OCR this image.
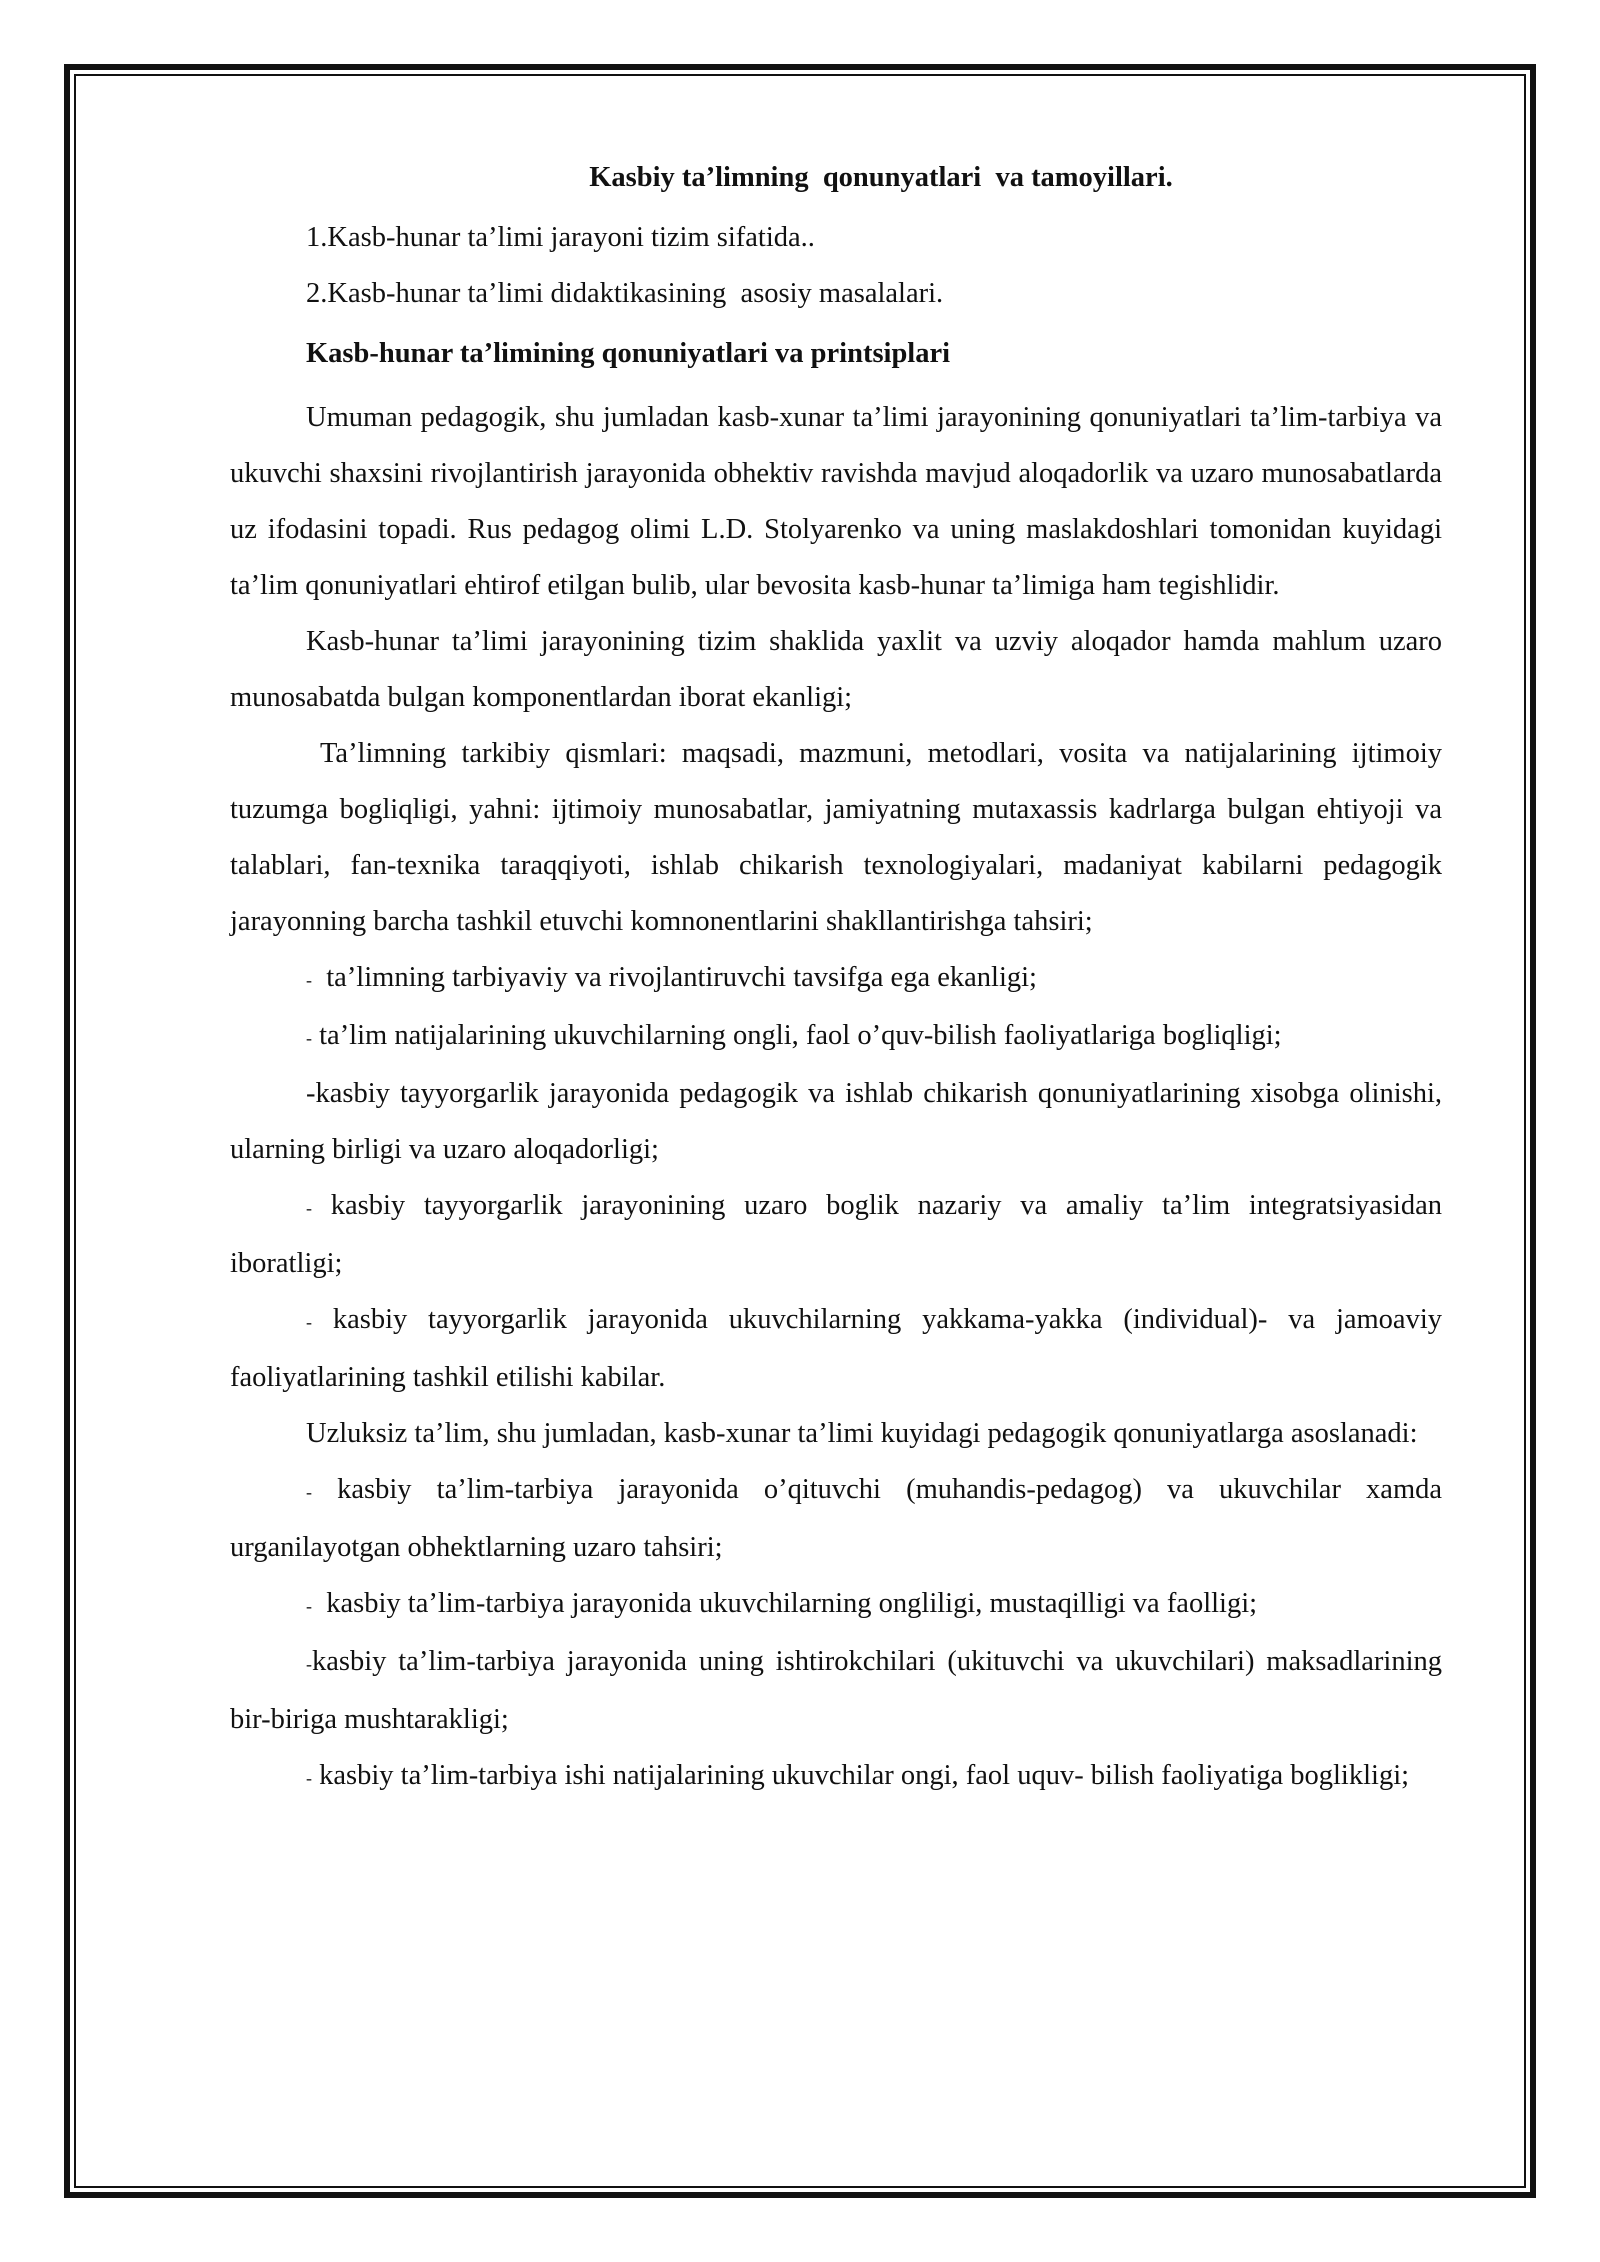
Kasbiy ta’limning  qonunyatlari  va tamoyillari.
1.Kasb-hunar ta’limi jarayoni tizim sifatida..
2.Kasb-hunar ta’limi didaktikasining  asosiy masalalari.
Kasb-hunar ta’limining qonuniyatlari va printsiplari

Umuman pedagogik, shu jumladan kasb-xunar ta’limi jarayonining qonuniyatlari ta’lim-tarbiya va ukuvchi shaxsini rivojlantirish jarayonida obhektiv ravishda mavjud aloqadorlik va uzaro munosabatlarda uz ifodasini topadi. Rus pedagog olimi L.D. Stolyarenko va uning maslakdoshlari tomonidan kuyidagi ta’lim qonuniyatlari ehtirof etilgan bulib, ular bevosita kasb-hunar ta’limiga ham tegishlidir.

Kasb-hunar ta’limi jarayonining tizim shaklida yaxlit va uzviy aloqador hamda mahlum uzaro munosabatda bulgan komponentlardan iborat ekanligi;

Ta’limning tarkibiy qismlari: maqsadi, mazmuni, metodlari, vosita va natijalarining ijtimoiy tuzumga bogliqligi, yahni: ijtimoiy munosabatlar, jamiyatning mutaxassis kadrlarga bulgan ehtiyoji va talablari, fan-texnika taraqqiyoti, ishlab chikarish texnologiyalari, madaniyat kabilarni pedagogik jarayonning barcha tashkil etuvchi komnonentlarini shakllantirishga tahsiri;

- ta’limning tarbiyaviy va rivojlantiruvchi tavsifga ega ekanligi;

- ta’lim natijalarining ukuvchilarning ongli, faol o’quv-bilish faoliyatlariga bogliqligi;

-kasbiy tayyorgarlik jarayonida pedagogik va ishlab chikarish qonuniyatlarining xisobga olinishi, ularning birligi va uzaro aloqadorligi;

- kasbiy tayyorgarlik jarayonining uzaro boglik nazariy va amaliy ta’lim integratsiyasidan iboratligi;

- kasbiy tayyorgarlik jarayonida ukuvchilarning yakkama-yakka (individual)- va jamoaviy faoliyatlarining tashkil etilishi kabilar.

Uzluksiz ta’lim, shu jumladan, kasb-xunar ta’limi kuyidagi pedagogik qonuniyatlarga asoslanadi:

- kasbiy ta’lim-tarbiya jarayonida o’qituvchi (muhandis-pedagog) va ukuvchilar xamda urganilayotgan obhektlarning uzaro tahsiri;

- kasbiy ta’lim-tarbiya jarayonida ukuvchilarning ongliligi, mustaqilligi va faolligi;

-kasbiy ta’lim-tarbiya jarayonida uning ishtirokchilari (ukituvchi va ukuvchilari) maksadlarining bir-biriga mushtarakligi;

- kasbiy ta’lim-tarbiya ishi natijalarining ukuvchilar ongi, faol uquv- bilish faoliyatiga boglikligi;
